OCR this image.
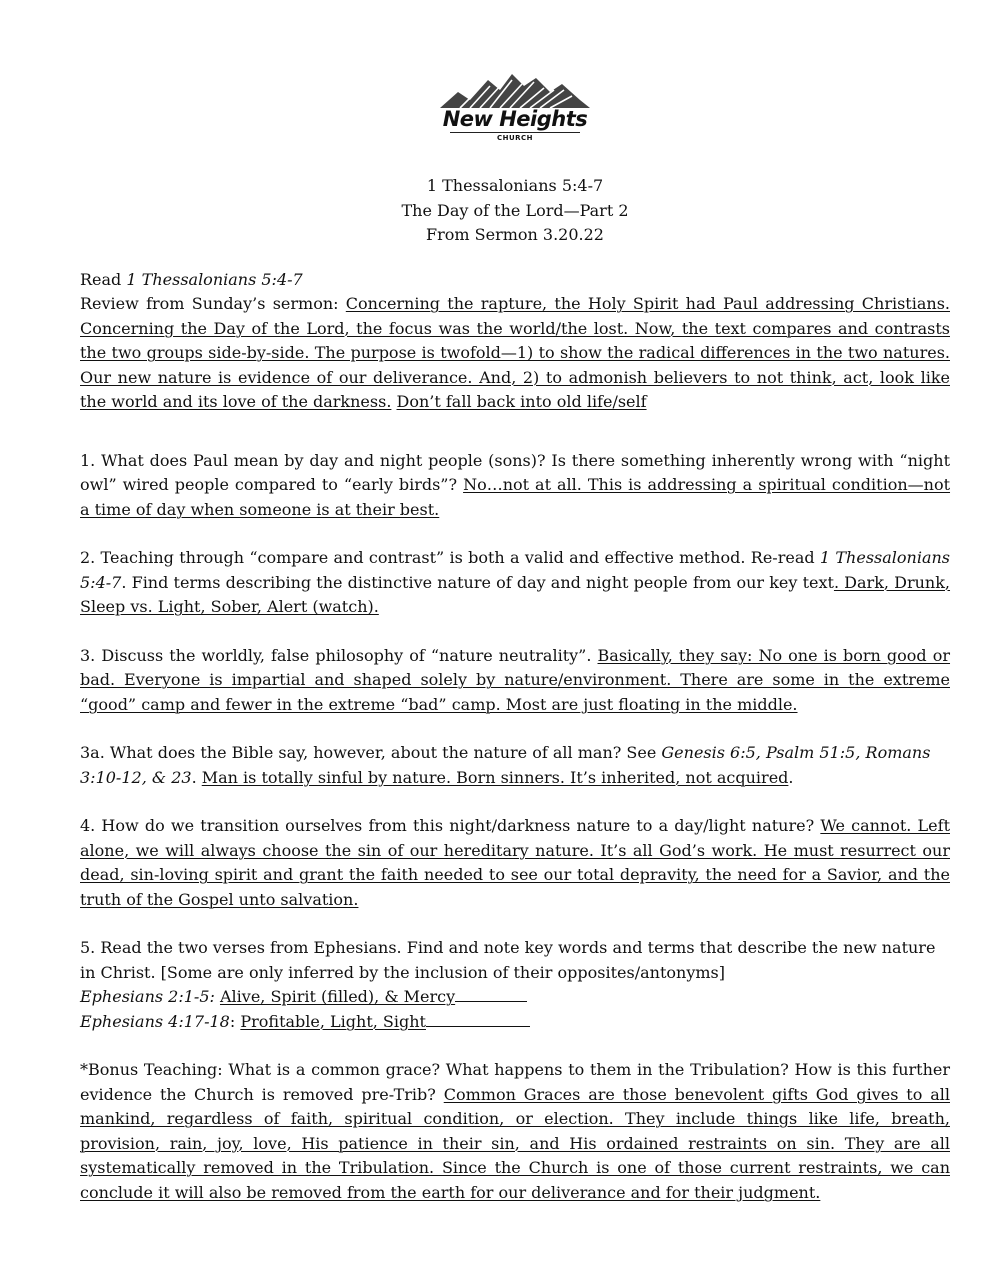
New Heights
CHURCH
1 Thessalonians 5:4-7
The Day of the Lord—Part 2
From Sermon 3.20.22

Read 1 Thessalonians 5:4-7

Review from Sunday’s sermon: Concerning the rapture, the Holy Spirit had Paul addressing Christians. Concerning the Day of the Lord, the focus was the world/the lost. Now, the text compares and contrasts the two groups side-by-side. The purpose is twofold—1) to show the radical differences in the two natures. Our new nature is evidence of our deliverance. And, 2) to admonish believers to not think, act, look like the world and its love of the darkness. Don’t fall back into old life/self

1. What does Paul mean by day and night people (sons)? Is there something inherently wrong with “night owl” wired people compared to “early birds”? No…not at all. This is addressing a spiritual condition—not a time of day when someone is at their best.

2. Teaching through “compare and contrast” is both a valid and effective method. Re-read 1 Thessalonians 5:4-7. Find terms describing the distinctive nature of day and night people from our key text. Dark, Drunk, Sleep vs. Light, Sober, Alert (watch).

3. Discuss the worldly, false philosophy of “nature neutrality”. Basically, they say: No one is born good or bad. Everyone is impartial and shaped solely by nature/environment. There are some in the extreme “good” camp and fewer in the extreme “bad” camp. Most are just floating in the middle.

3a. What does the Bible say, however, about the nature of all man? See Genesis 6:5, Psalm 51:5, Romans 3:10-12, & 23. Man is totally sinful by nature. Born sinners. It’s inherited, not acquired.

4. How do we transition ourselves from this night/darkness nature to a day/light nature? We cannot. Left alone, we will always choose the sin of our hereditary nature. It’s all God’s work. He must resurrect our dead, sin-loving spirit and grant the faith needed to see our total depravity, the need for a Savior, and the truth of the Gospel unto salvation.

5. Read the two verses from Ephesians. Find and note key words and terms that describe the new nature in Christ. [Some are only inferred by the inclusion of their opposites/antonyms]

Ephesians 2:1-5: Alive, Spirit (filled), & Mercy

Ephesians 4:17-18: Profitable, Light, Sight

*Bonus Teaching: What is a common grace? What happens to them in the Tribulation? How is this further evidence the Church is removed pre-Trib? Common Graces are those benevolent gifts God gives to all mankind, regardless of faith, spiritual condition, or election. They include things like life, breath, provision, rain, joy, love, His patience in their sin, and His ordained restraints on sin. They are all systematically removed in the Tribulation. Since the Church is one of those current restraints, we can conclude it will also be removed from the earth for our deliverance and for their judgment.
